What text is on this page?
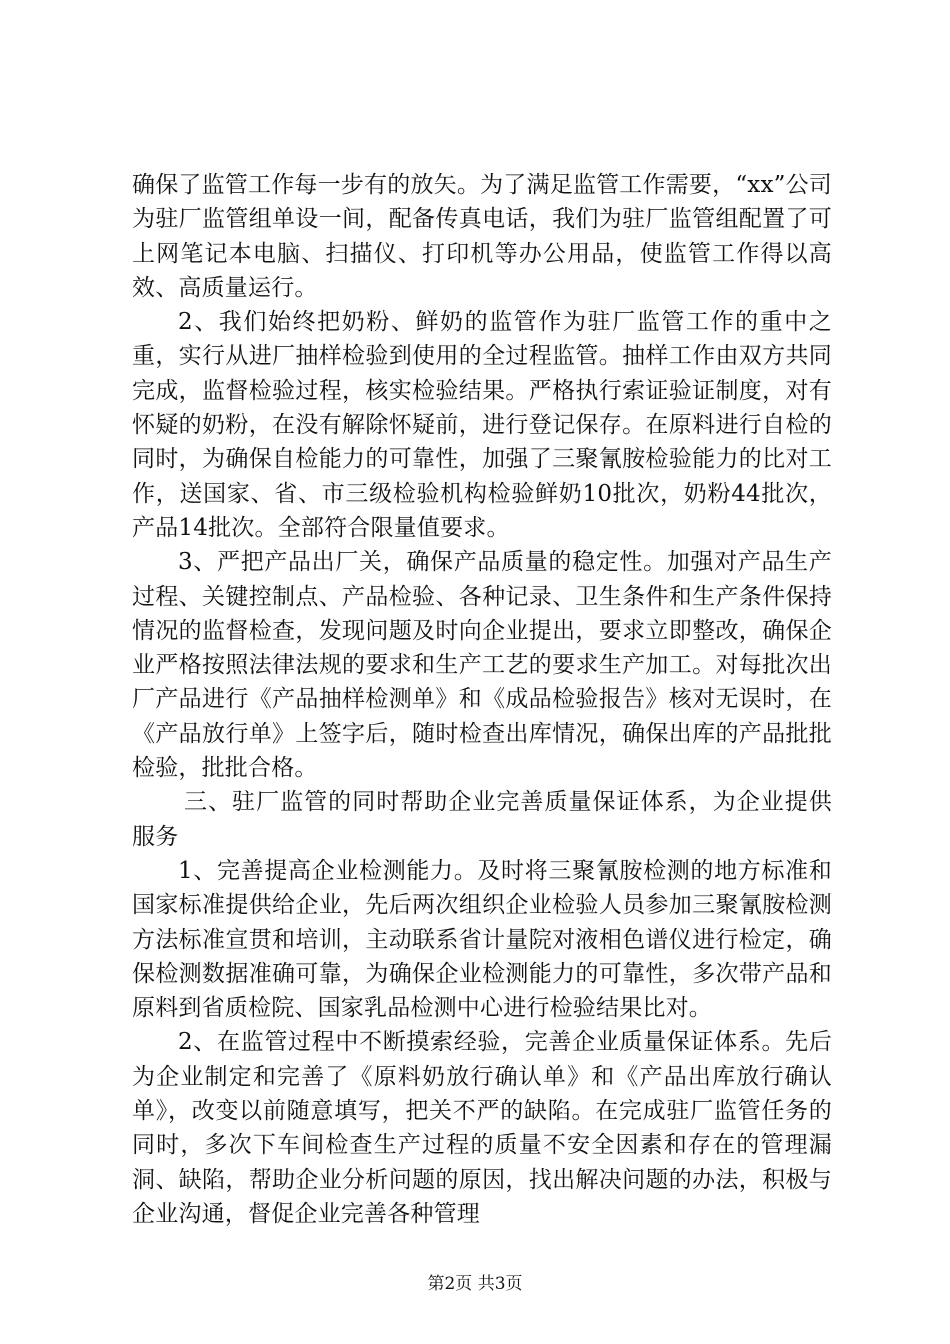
确保了监管工作每一步有的放矢。为了满足监管工作需要，“xx”公司为驻厂监管组单设一间，配备传真电话，我们为驻厂监管组配置了可上网笔记本电脑、扫描仪、打印机等办公用品，使监管工作得以高效、高质量运行。

2、我们始终把奶粉、鲜奶的监管作为驻厂监管工作的重中之重，实行从进厂抽样检验到使用的全过程监管。抽样工作由双方共同完成，监督检验过程，核实检验结果。严格执行索证验证制度，对有怀疑的奶粉，在没有解除怀疑前，进行登记保存。在原料进行自检的同时，为确保自检能力的可靠性，加强了三聚氰胺检验能力的比对工作，送国家、省、市三级检验机构检验鲜奶10批次，奶粉44批次，产品14批次。全部符合限量值要求。

3、严把产品出厂关，确保产品质量的稳定性。加强对产品生产过程、关键控制点、产品检验、各种记录、卫生条件和生产条件保持情况的监督检查，发现问题及时向企业提出，要求立即整改，确保企业严格按照法律法规的要求和生产工艺的要求生产加工。对每批次出厂产品进行《产品抽样检测单》和《成品检验报告》核对无误时，在《产品放行单》上签字后，随时检查出库情况，确保出库的产品批批检验，批批合格。

三、驻厂监管的同时帮助企业完善质量保证体系，为企业提供服务

1、完善提高企业检测能力。及时将三聚氰胺检测的地方标准和国家标准提供给企业，先后两次组织企业检验人员参加三聚氰胺检测方法标准宣贯和培训，主动联系省计量院对液相色谱仪进行检定，确保检测数据准确可靠，为确保企业检测能力的可靠性，多次带产品和原料到省质检院、国家乳品检测中心进行检验结果比对。

2、在监管过程中不断摸索经验，完善企业质量保证体系。先后为企业制定和完善了《原料奶放行确认单》和《产品出库放行确认单》，改变以前随意填写，把关不严的缺陷。在完成驻厂监管任务的同时，多次下车间检查生产过程的质量不安全因素和存在的管理漏洞、缺陷，帮助企业分析问题的原因，找出解决问题的办法，积极与企业沟通，督促企业完善各种管理

第2页 共3页
